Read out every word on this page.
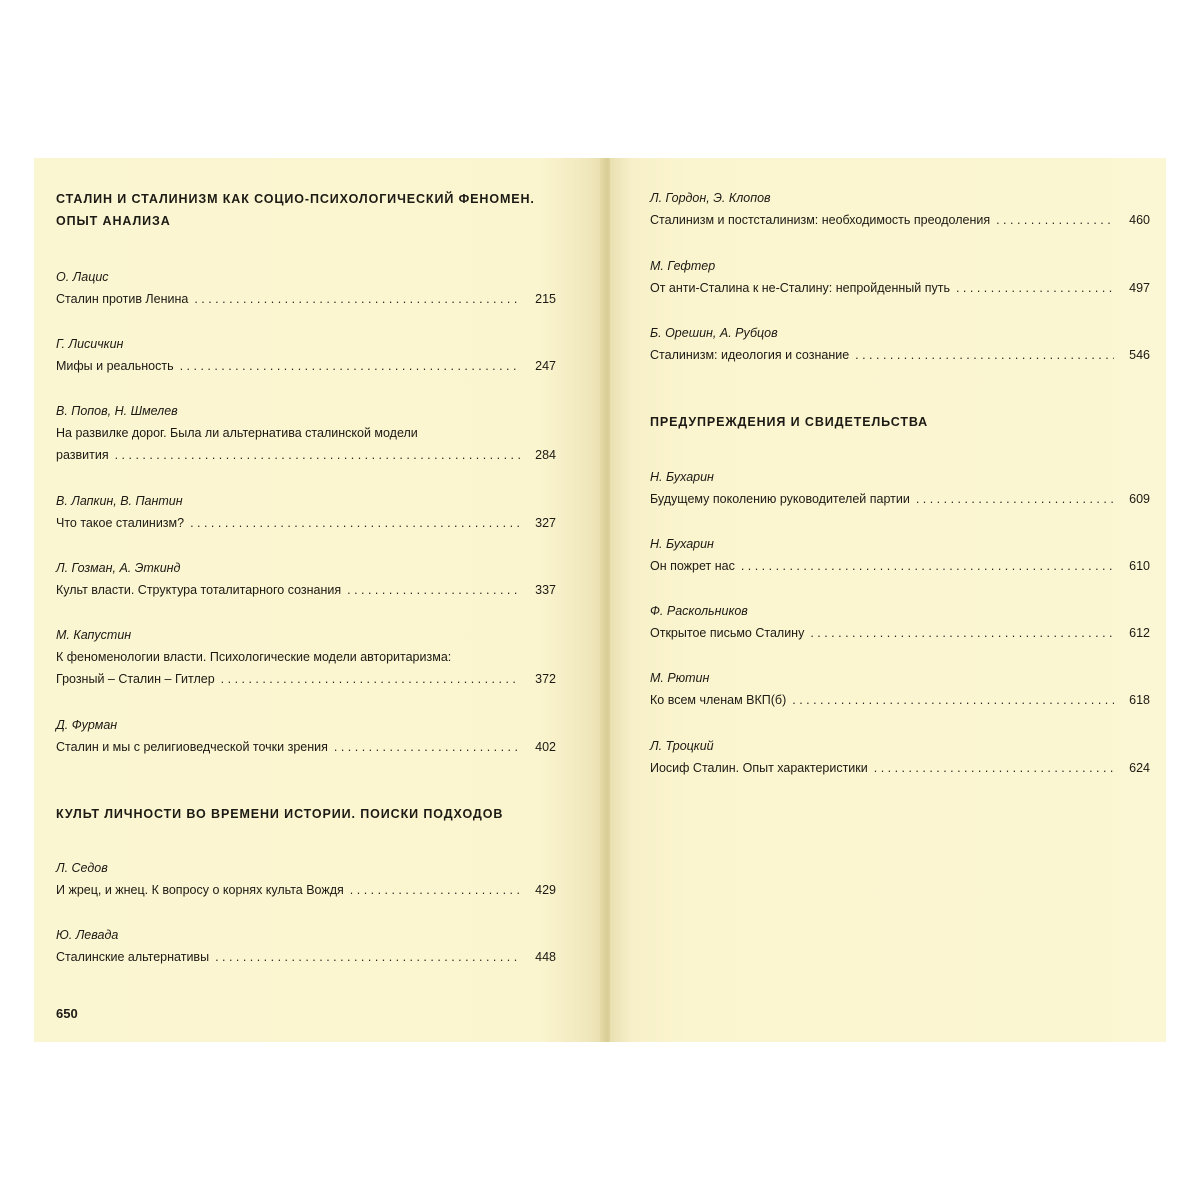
СТАЛИН И СТАЛИНИЗМ КАК СОЦИО-ПСИХОЛОГИЧЕСКИЙ ФЕНОМЕН.
ОПЫТ АНАЛИЗА
О. Лацис
Сталин против Ленина . . .	215
Г. Лисичкин
Мифы и реальность . . .	247
В. Попов, Н. Шмелев
На развилке дорог. Была ли альтернатива сталинской модели
развития . . .	284
В. Лапкин, В. Пантин
Что такое сталинизм? . . .	327
Л. Гозман, А. Эткинд
Культ власти. Структура тоталитарного сознания . . .	337
М. Капустин
К феноменологии власти. Психологические модели авторитаризма:
Грозный – Сталин – Гитлер . . .	372
Д. Фурман
Сталин и мы с религиоведческой точки зрения . . .	402
КУЛЬТ ЛИЧНОСТИ ВО ВРЕМЕНИ ИСТОРИИ. ПОИСКИ ПОДХОДОВ
Л. Седов
И жрец, и жнец. К вопросу о корнях культа Вождя . . .	429
Ю. Левада
Сталинские альтернативы . . .	448
650
Л. Гордон, Э. Клопов
Сталинизм и постсталинизм: необходимость преодоления . . .	460
М. Гефтер
От анти-Сталина к не-Сталину: непройденный путь . . .	497
Б. Орешин, А. Рубцов
Сталинизм: идеология и сознание . . .	546
ПРЕДУПРЕЖДЕНИЯ И СВИДЕТЕЛЬСТВА
Н. Бухарин
Будущему поколению руководителей партии . . .	609
Н. Бухарин
Он пожрет нас . . .	610
Ф. Раскольников
Открытое письмо Сталину . . .	612
М. Рютин
Ко всем членам ВКП(б) . . .	618
Л. Троцкий
Иосиф Сталин. Опыт характеристики . . .	624
